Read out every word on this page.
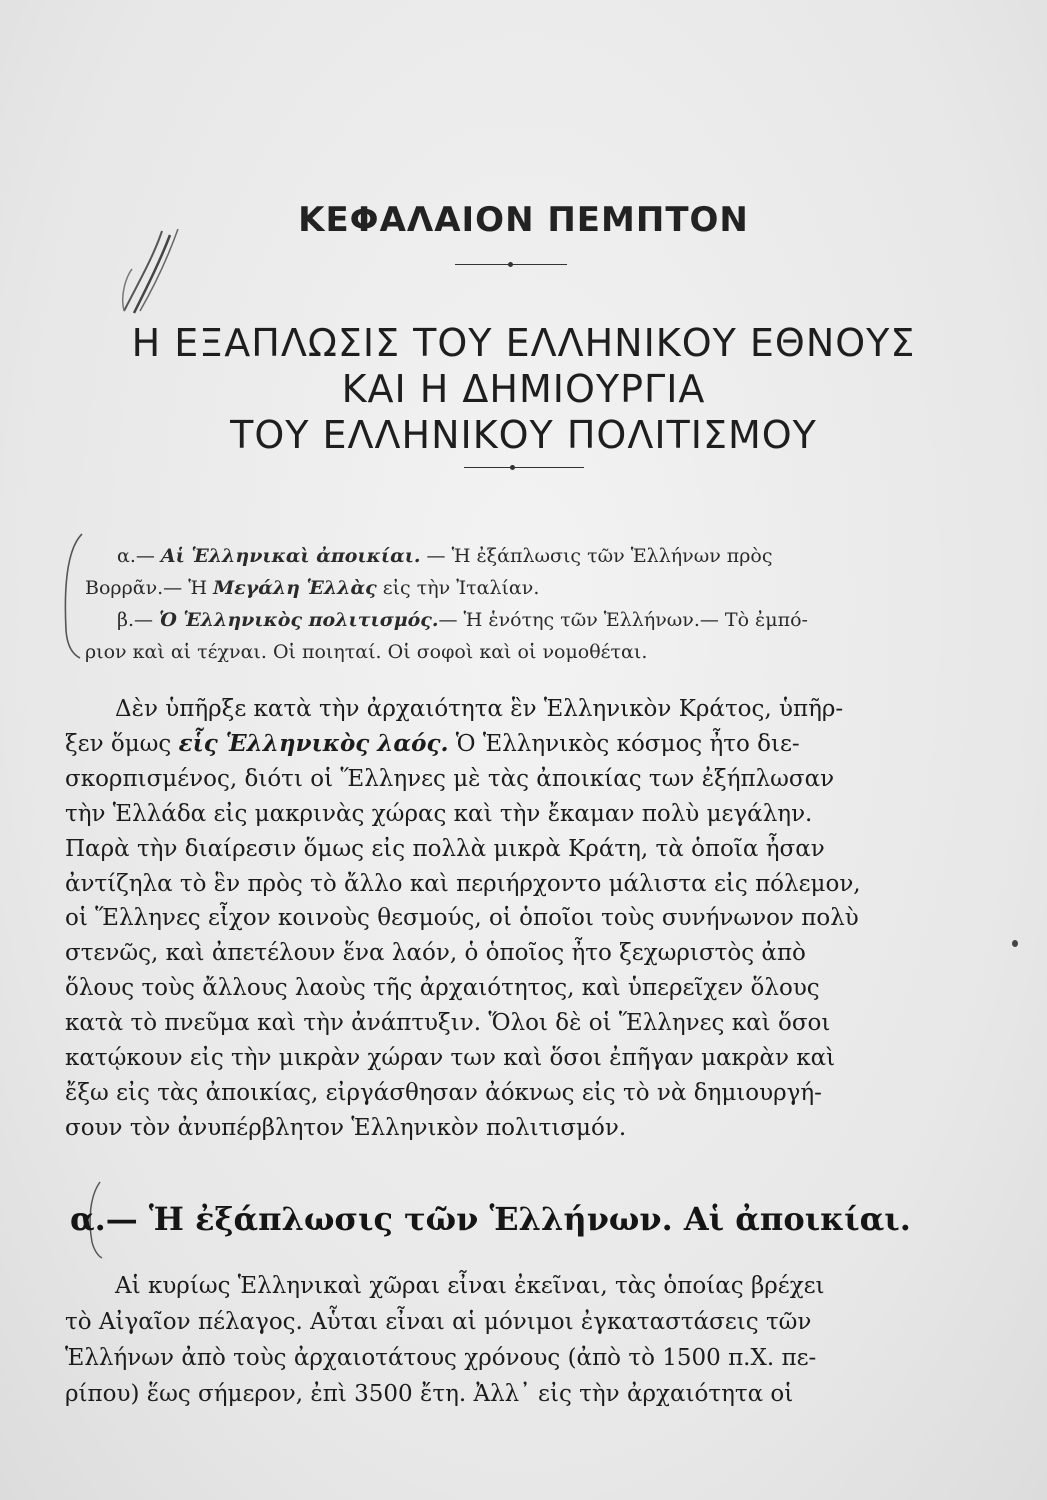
ΚΕΦΑΛΑΙΟΝ ΠΕΜΠΤΟΝ
Η ΕΞΑΠΛΩΣΙΣ ΤΟΥ ΕΛΛΗΝΙΚΟΥ ΕΘΝΟΥΣ
ΚΑΙ Η ΔΗΜΙΟΥΡΓΙΑ
ΤΟΥ ΕΛΛΗΝΙΚΟΥ ΠΟΛΙΤΙΣΜΟΥ
α.— Αἱ Ἑλληνικαὶ ἀποικίαι. — Ἡ ἐξάπλωσις τῶν Ἑλλήνων πρὸς
Βορρᾶν.— Ἡ Μεγάλη Ἑλλὰς εἰς τὴν Ἰταλίαν.
β.— Ὁ Ἑλληνικὸς πολιτισμός.— Ἡ ἑνότης τῶν Ἑλλήνων.— Τὸ ἐμπό-
ριον καὶ αἱ τέχναι. Οἱ ποιηταί. Οἱ σοφοὶ καὶ οἱ νομοθέται.
Δὲν ὑπῆρξε κατὰ τὴν ἀρχαιότητα ἓν Ἑλληνικὸν Κράτος, ὑπῆρ-
ξεν ὅμως εἷς Ἑλληνικὸς λαός. Ὁ Ἑλληνικὸς κόσμος ἦτο διε-
σκορπισμένος, διότι οἱ Ἕλληνες μὲ τὰς ἀποικίας των ἐξήπλωσαν
τὴν Ἑλλάδα εἰς μακρινὰς χώρας καὶ τὴν ἔκαμαν πολὺ μεγάλην.
Παρὰ τὴν διαίρεσιν ὅμως εἰς πολλὰ μικρὰ Κράτη, τὰ ὁποῖα ἦσαν
ἀντίζηλα τὸ ἓν πρὸς τὸ ἄλλο καὶ περιήρχοντο μάλιστα εἰς πόλεμον,
οἱ Ἕλληνες εἶχον κοινοὺς θεσμούς, οἱ ὁποῖοι τοὺς συνήνωνον πολὺ
στενῶς, καὶ ἀπετέλουν ἕνα λαόν, ὁ ὁποῖος ἦτο ξεχωριστὸς ἀπὸ
ὅλους τοὺς ἄλλους λαοὺς τῆς ἀρχαιότητος, καὶ ὑπερεῖχεν ὅλους
κατὰ τὸ πνεῦμα καὶ τὴν ἀνάπτυξιν. Ὅλοι δὲ οἱ Ἕλληνες καὶ ὅσοι
κατῴκουν εἰς τὴν μικρὰν χώραν των καὶ ὅσοι ἐπῆγαν μακρὰν καὶ
ἔξω εἰς τὰς ἀποικίας, εἰργάσθησαν ἀόκνως εἰς τὸ νὰ δημιουργή-
σουν τὸν ἀνυπέρβλητον Ἑλληνικὸν πολιτισμόν.
α.— Ἡ ἐξάπλωσις τῶν Ἑλλήνων. Αἱ ἀποικίαι.
Αἱ κυρίως Ἑλληνικαὶ χῶραι εἶναι ἐκεῖναι, τὰς ὁποίας βρέχει
τὸ Αἰγαῖον πέλαγος. Αὗται εἶναι αἱ μόνιμοι ἐγκαταστάσεις τῶν
Ἑλλήνων ἀπὸ τοὺς ἀρχαιοτάτους χρόνους (ἀπὸ τὸ 1500 π.Χ. πε-
ρίπου) ἕως σήμερον, ἐπὶ 3500 ἔτη. Ἀλλ᾿ εἰς τὴν ἀρχαιότητα οἱ
